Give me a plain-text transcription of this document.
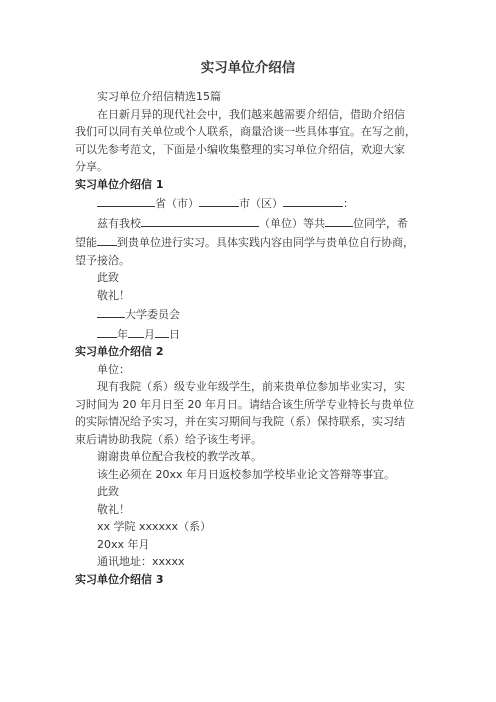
实习单位介绍信
实习单位介绍信精选15篇
在日新月异的现代社会中，我们越来越需要介绍信，借助介绍信
我们可以同有关单位或个人联系，商量洽谈一些具体事宜。在写之前，
可以先参考范文，下面是小编收集整理的实习单位介绍信，欢迎大家
分享。
实习单位介绍信 1
省（市）	市（区）	：
兹有我校	（单位）等共	位同学，希
望能 到贵单位进行实习。具体实践内容由同学与贵单位自行协商，
望予接洽。
此致
敬礼！
大学委员会
年 月 日
实习单位介绍信 2
单位：
现有我院（系）级专业年级学生，前来贵单位参加毕业实习，实
习时间为 20 年月日至 20 年月日。请结合该生所学专业特长与贵单位
的实际情况给予实习，并在实习期间与我院（系）保持联系，实习结
束后请协助我院（系）给予该生考评。
谢谢贵单位配合我校的教学改革。
该生必须在 20xx 年月日返校参加学校毕业论文答辩等事宜。
此致
敬礼！
xx 学院 xxxxxx（系）
20xx 年月
通讯地址：xxxxx
实习单位介绍信 3
